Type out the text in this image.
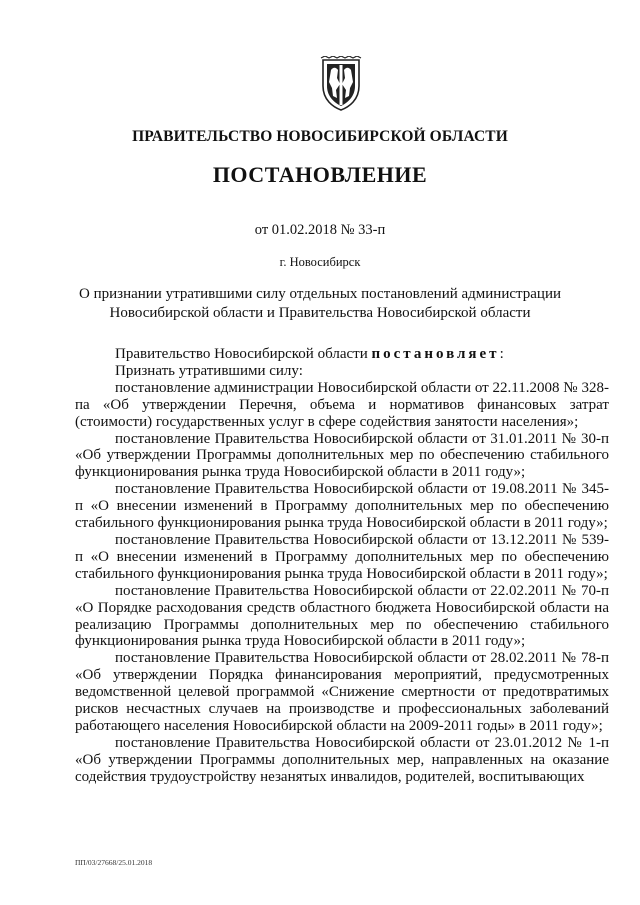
ПРАВИТЕЛЬСТВО НОВОСИБИРСКОЙ ОБЛАСТИ
ПОСТАНОВЛЕНИЕ
от 01.02.2018 № 33-п
г. Новосибирск
О признании утратившими силу отдельных постановлений администрации Новосибирской области и Правительства Новосибирской области

Правительство Новосибирской области постановляет:

Признать утратившими силу:

постановление администрации Новосибирской области от 22.11.2008 № 328-па «Об утверждении Перечня, объема и нормативов финансовых затрат (стоимости) государственных услуг в сфере содействия занятости населения»;

постановление Правительства Новосибирской области от 31.01.2011 № 30-п «Об утверждении Программы дополнительных мер по обеспечению стабильного функционирования рынка труда Новосибирской области в 2011 году»;

постановление Правительства Новосибирской области от 19.08.2011 № 345-п «О внесении изменений в Программу дополнительных мер по обеспечению стабильного функционирования рынка труда Новосибирской области в 2011 году»;

постановление Правительства Новосибирской области от 13.12.2011 № 539-п «О внесении изменений в Программу дополнительных мер по обеспечению стабильного функционирования рынка труда Новосибирской области в 2011 году»;

постановление Правительства Новосибирской области от 22.02.2011 № 70-п «О Порядке расходования средств областного бюджета Новосибирской области на реализацию Программы дополнительных мер по обеспечению стабильного функционирования рынка труда Новосибирской области в 2011 году»;

постановление Правительства Новосибирской области от 28.02.2011 № 78-п «Об утверждении Порядка финансирования мероприятий, предусмотренных ведомственной целевой программой «Снижение смертности от предотвратимых рисков несчастных случаев на производстве и профессиональных заболеваний работающего населения Новосибирской области на 2009-2011 годы» в 2011 году»;

постановление Правительства Новосибирской области от 23.01.2012 № 1-п «Об утверждении Программы дополнительных мер, направленных на оказание содействия трудоустройству незанятых инвалидов, родителей, воспитывающих

ПП/03/27668/25.01.2018
